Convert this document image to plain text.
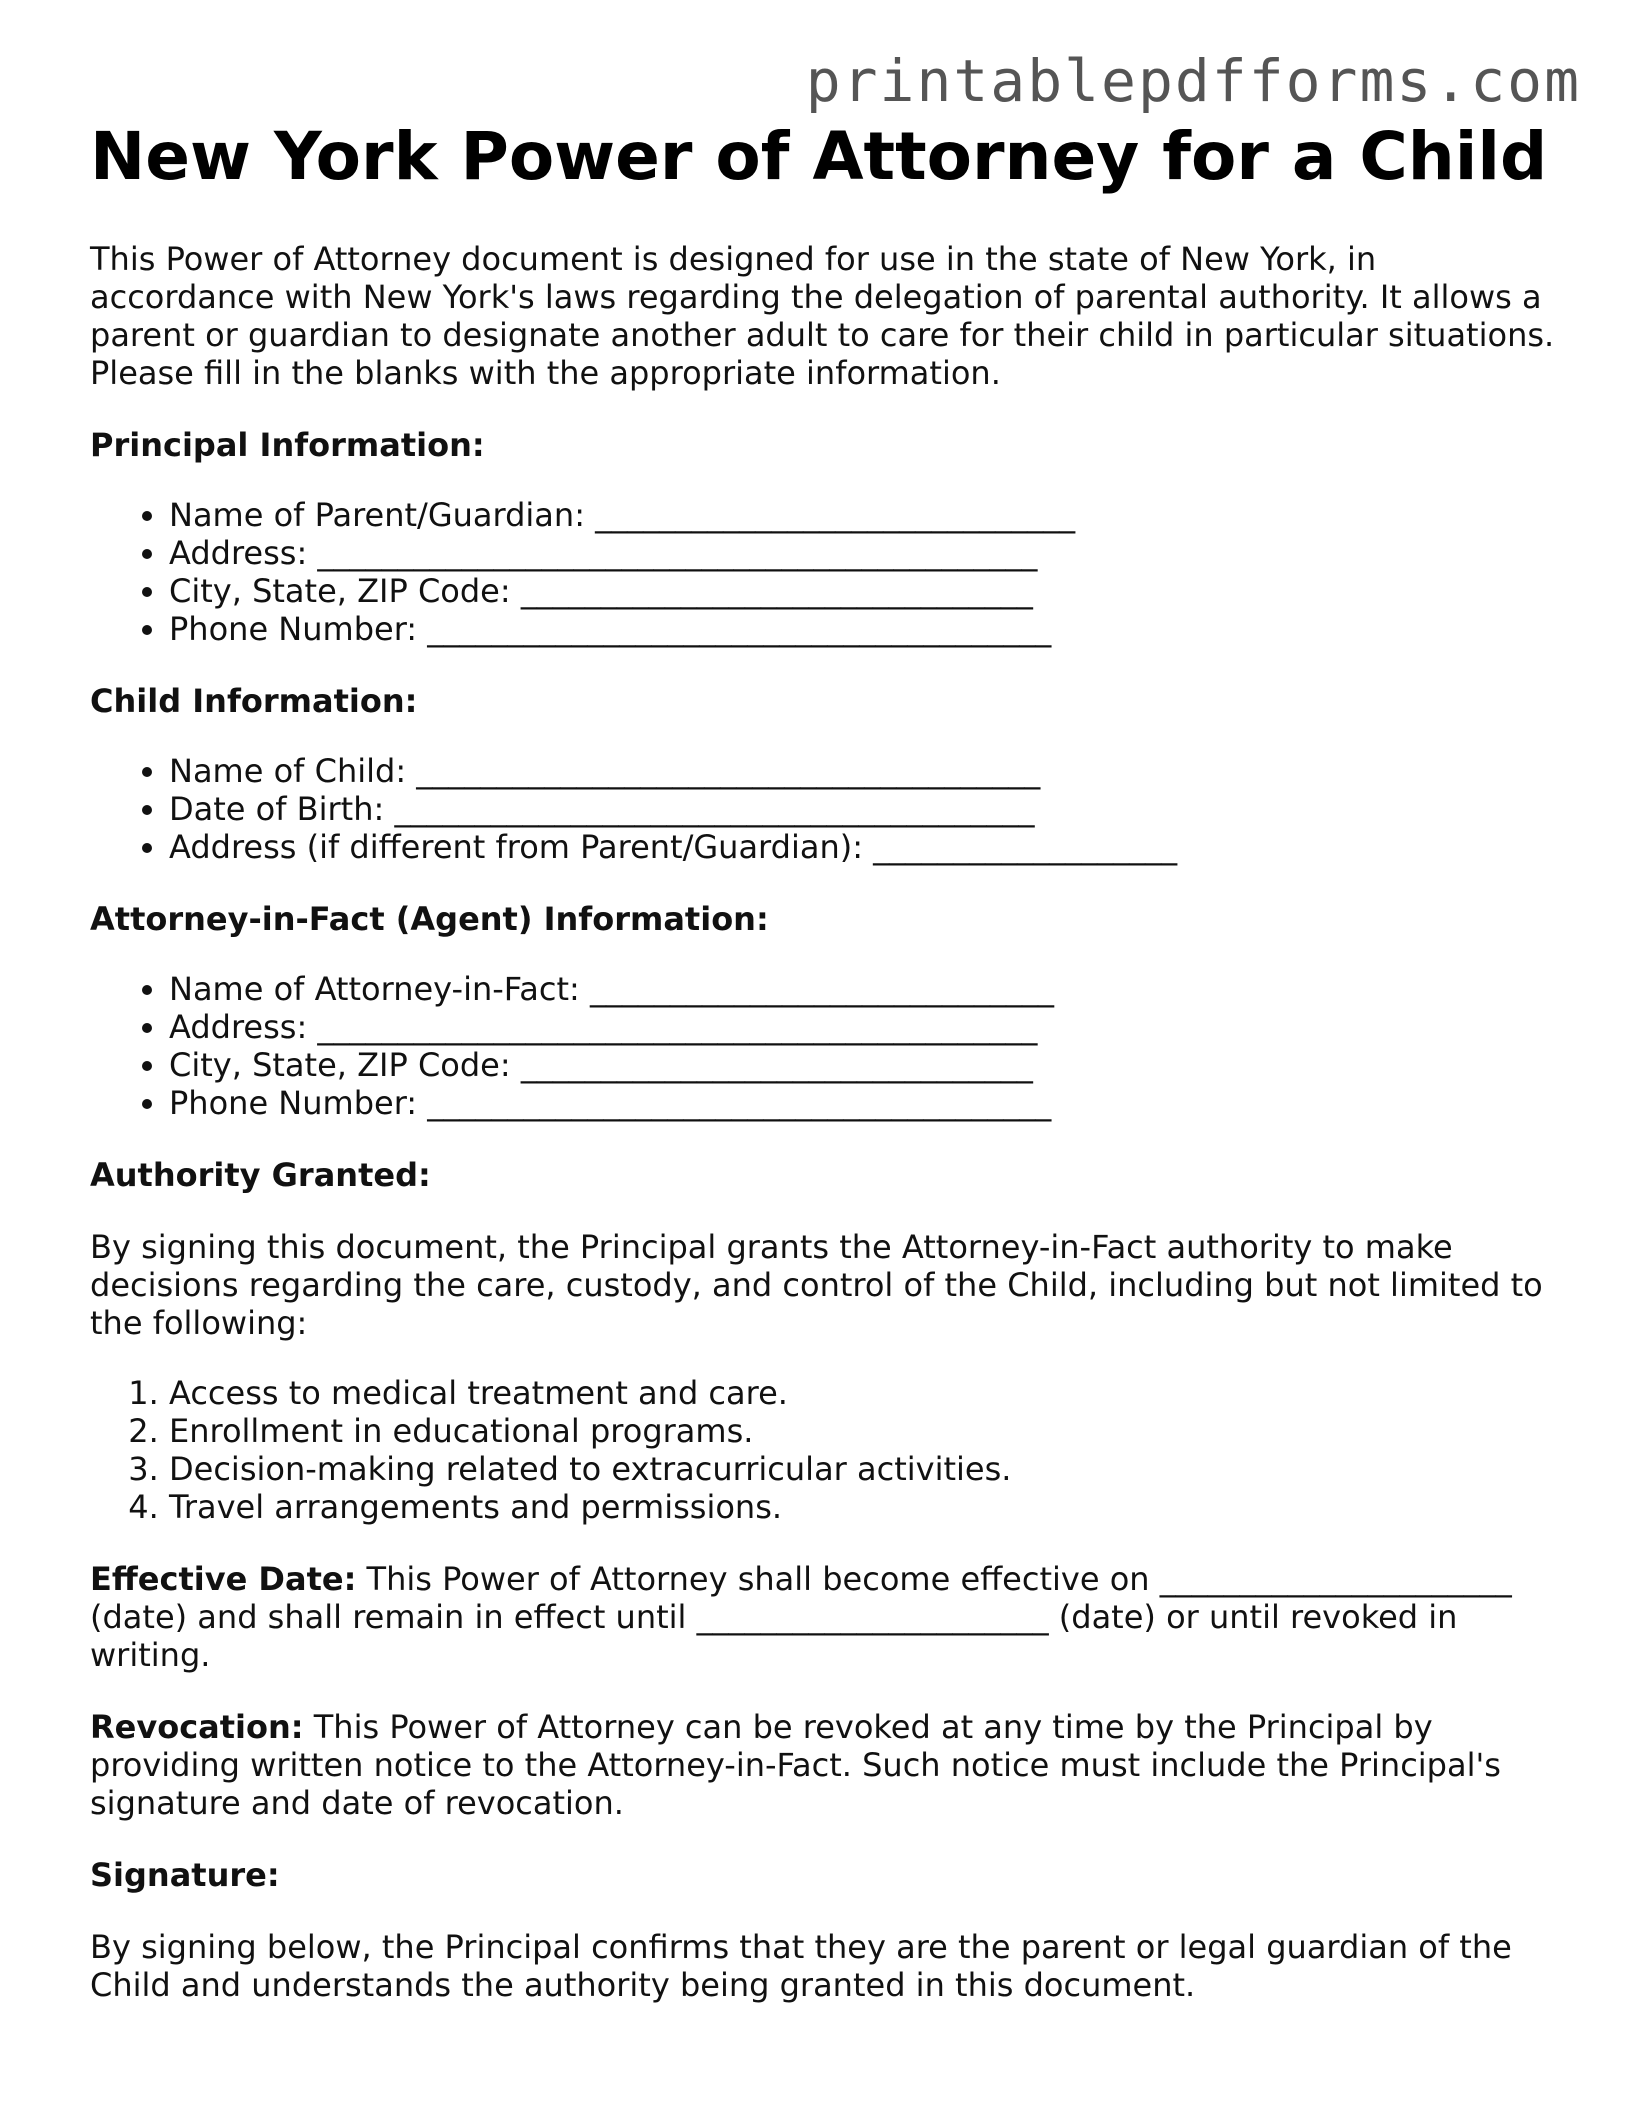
printablepdfforms.com
New York Power of Attorney for a Child

This Power of Attorney document is designed for use in the state of New York, in accordance with New York's laws regarding the delegation of parental authority. It allows a parent or guardian to designate another adult to care for their child in particular situations. Please fill in the blanks with the appropriate information.

Principal Information:
• Name of Parent/Guardian: ______________________________
• Address: _____________________________________________
• City, State, ZIP Code: ________________________________
• Phone Number: _______________________________________
Child Information:
• Name of Child: _______________________________________
• Date of Birth: ________________________________________
• Address (if different from Parent/Guardian): ___________________
Attorney-in-Fact (Agent) Information:
• Name of Attorney-in-Fact: _____________________________
• Address: _____________________________________________
• City, State, ZIP Code: ________________________________
• Phone Number: _______________________________________
Authority Granted:

By signing this document, the Principal grants the Attorney-in-Fact authority to make decisions regarding the care, custody, and control of the Child, including but not limited to the following:

1. Access to medical treatment and care.
2. Enrollment in educational programs.
3. Decision-making related to extracurricular activities.
4. Travel arrangements and permissions.

Effective Date: This Power of Attorney shall become effective on ______________________ (date) and shall remain in effect until ______________________ (date) or until revoked in writing.

Revocation: This Power of Attorney can be revoked at any time by the Principal by providing written notice to the Attorney-in-Fact. Such notice must include the Principal's signature and date of revocation.

Signature:

By signing below, the Principal confirms that they are the parent or legal guardian of the Child and understands the authority being granted in this document.
